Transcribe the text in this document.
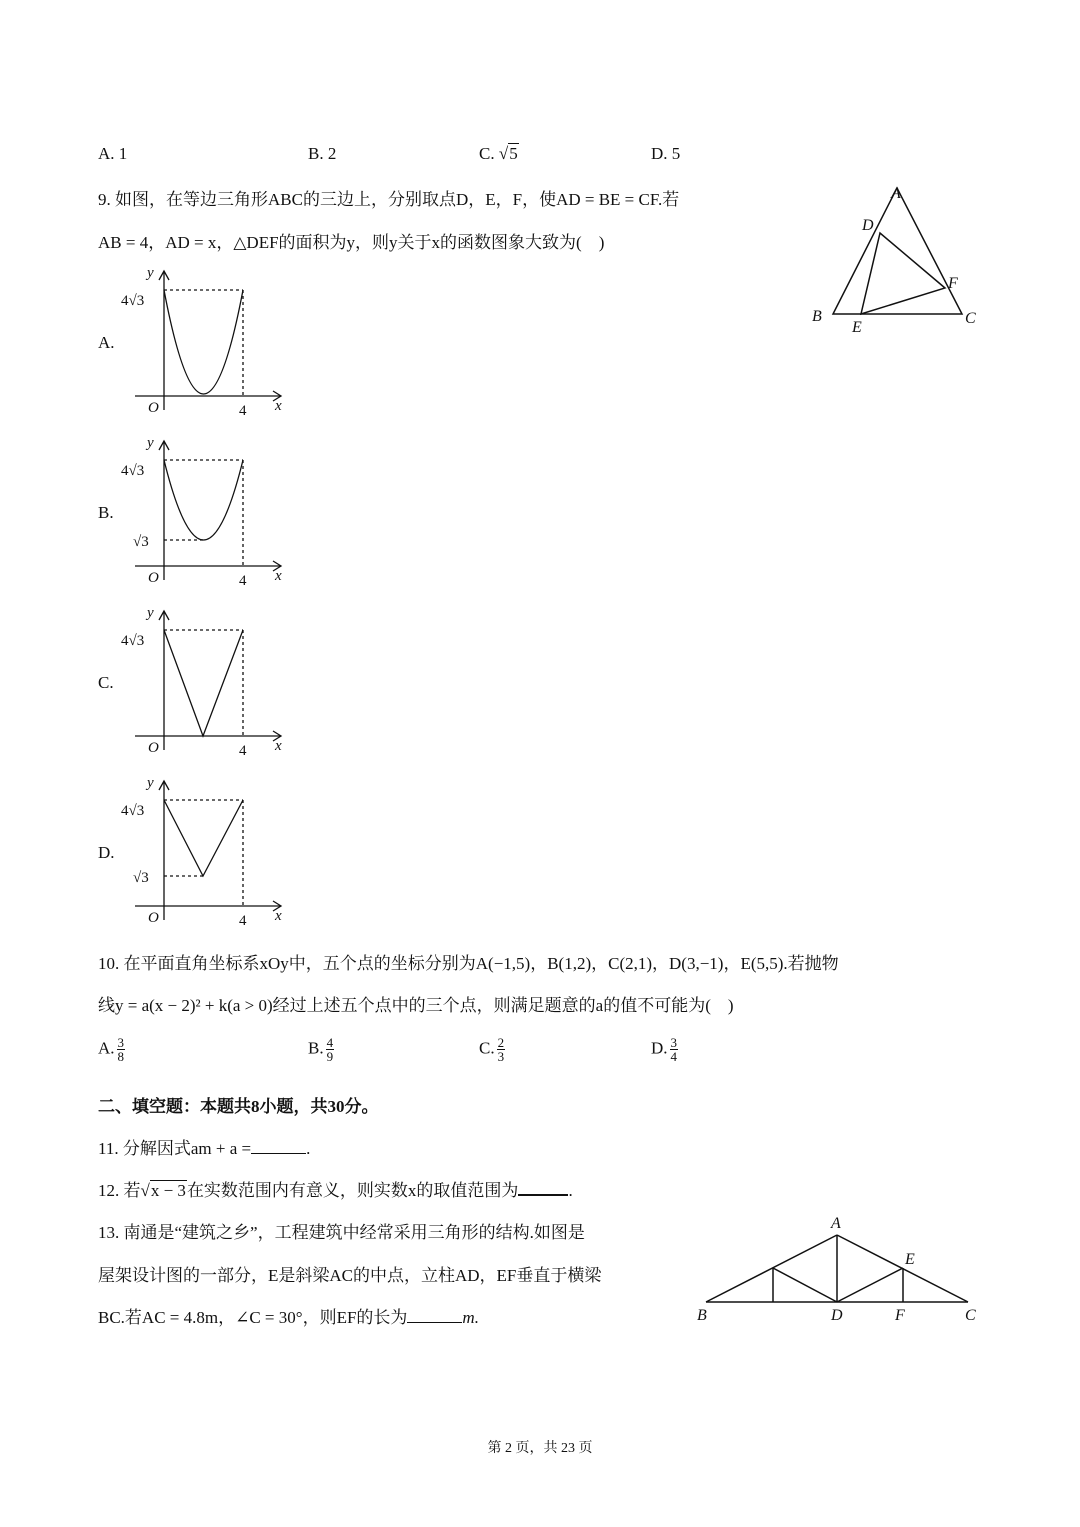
A. 1	B. 2	C. √5	D. 5
9. 如图，在等边三角形ABC的三边上，分别取点D，E，F，使AD = BE = CF.若
AB = 4，AD = x，△DEF的面积为y，则y关于x的函数图象大致为(　)
A
D
F
B
E
C
A.
B.
C.
D.
4√3
O	4 x
y
4√3
√3
O	4 x
y
4√3
O	4 x
y
4√3
√3
O	4 x
y
10. 在平面直角坐标系xOy中，五个点的坐标分别为A(−1,5)，B(1,2)，C(2,1)，D(3,−1)，E(5,5).若抛物
线y = a(x − 2)² + k(a > 0)经过上述五个点中的三个点，则满足题意的a的值不可能为(　)
A. $\frac{3}{8}$	B. $\frac{4}{9}$	C. $\frac{2}{3}$	D. $\frac{3}{4}$
二、填空题：本题共8小题，共30分。
11. 分解因式am + a =	.
12. 若√x − 3在实数范围内有意义，则实数x的取值范围为	.
13. 南通是“建筑之乡”，工程建筑中经常采用三角形的结构.如图是
屋架设计图的一部分，E是斜梁AC的中点，立柱AD，EF垂直于横梁
BC.若AC = 4.8m，∠C = 30°，则EF的长为	m.
A
E
B	D	F	C
第 2 页，共 23 页
